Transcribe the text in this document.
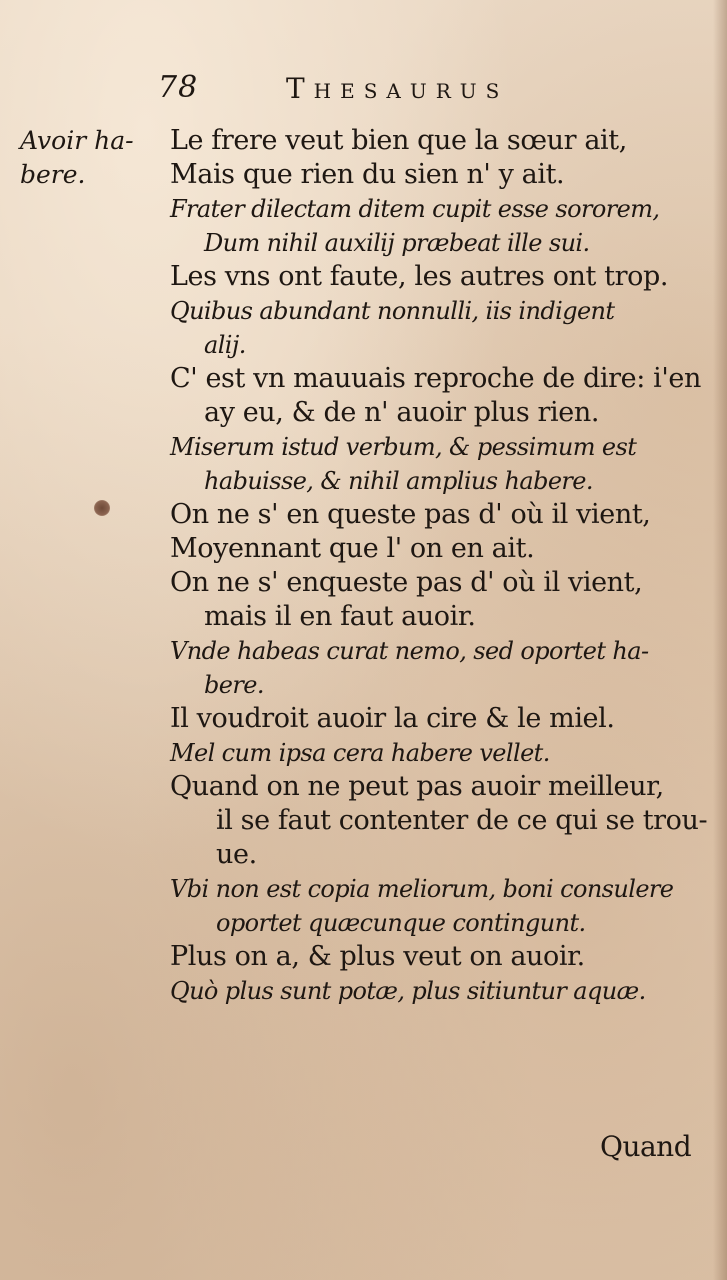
78	Thesaurus
Avoir ha-
bere.
Le frere veut bien que la sœur ait,
Mais que rien du sien n' y ait.
Frater dilectam ditem cupit esse sororem,
Dum nihil auxilij præbeat ille sui.
Les vns ont faute, les autres ont trop.
Quibus abundant nonnulli, iis indigent
alij.
C' est vn mauuais reproche de dire: i'en
ay eu, & de n' auoir plus rien.
Miserum istud verbum, & pessimum est
habuisse, & nihil amplius habere.
On ne s' en queste pas d' où il vient,
Moyennant que l' on en ait.
On ne s' enqueste pas d' où il vient,
mais il en faut auoir.
Vnde habeas curat nemo, sed oportet ha-
bere.
Il voudroit auoir la cire & le miel.
Mel cum ipsa cera habere vellet.
Quand on ne peut pas auoir meilleur,
il se faut contenter de ce qui se trou-
ue.
Vbi non est copia meliorum, boni consulere
oportet quæcunque contingunt.
Plus on a, & plus veut on auoir.
Quò plus sunt potæ, plus sitiuntur aquæ.
Quand
